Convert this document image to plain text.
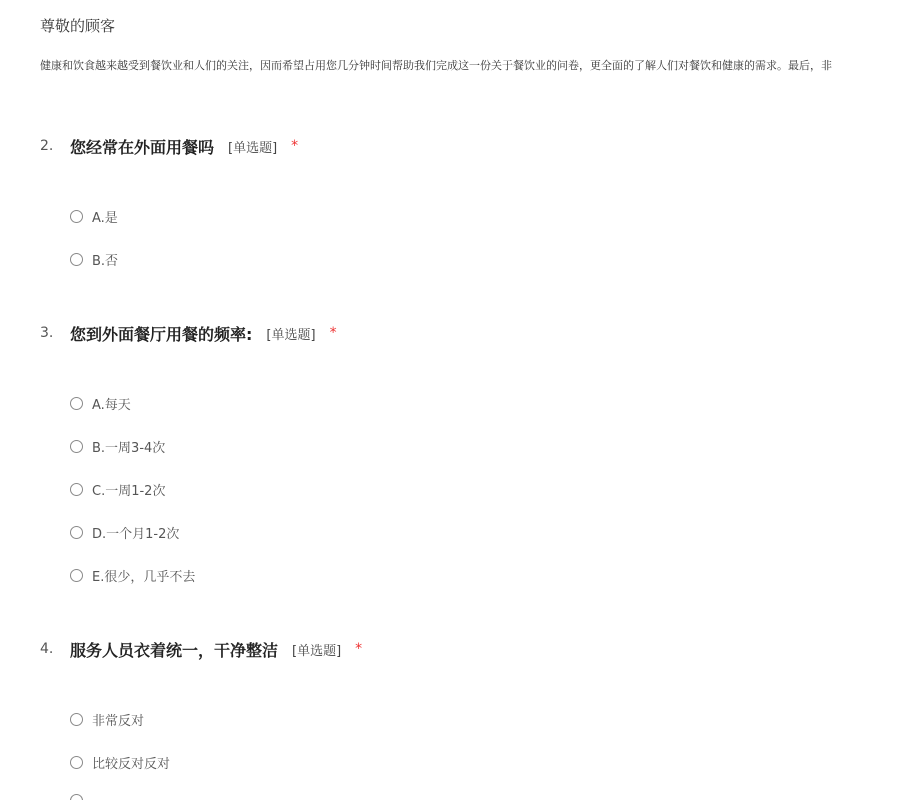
尊敬的顾客
健康和饮食越来越受到餐饮业和人们的关注，因而希望占用您几分钟时间帮助我们完成这一份关于餐饮业的问卷，更全面的了解人们对餐饮和健康的需求。最后，非
2.	您经常在外面用餐吗 [单选题] *
A.是
B.否
3.	您到外面餐厅用餐的频率: [单选题] *
A.每天
B.一周3-4次
C.一周1-2次
D.一个月1-2次
E.很少，几乎不去
4.	服务人员衣着统一，干净整洁 [单选题] *
非常反对
比较反对反对
